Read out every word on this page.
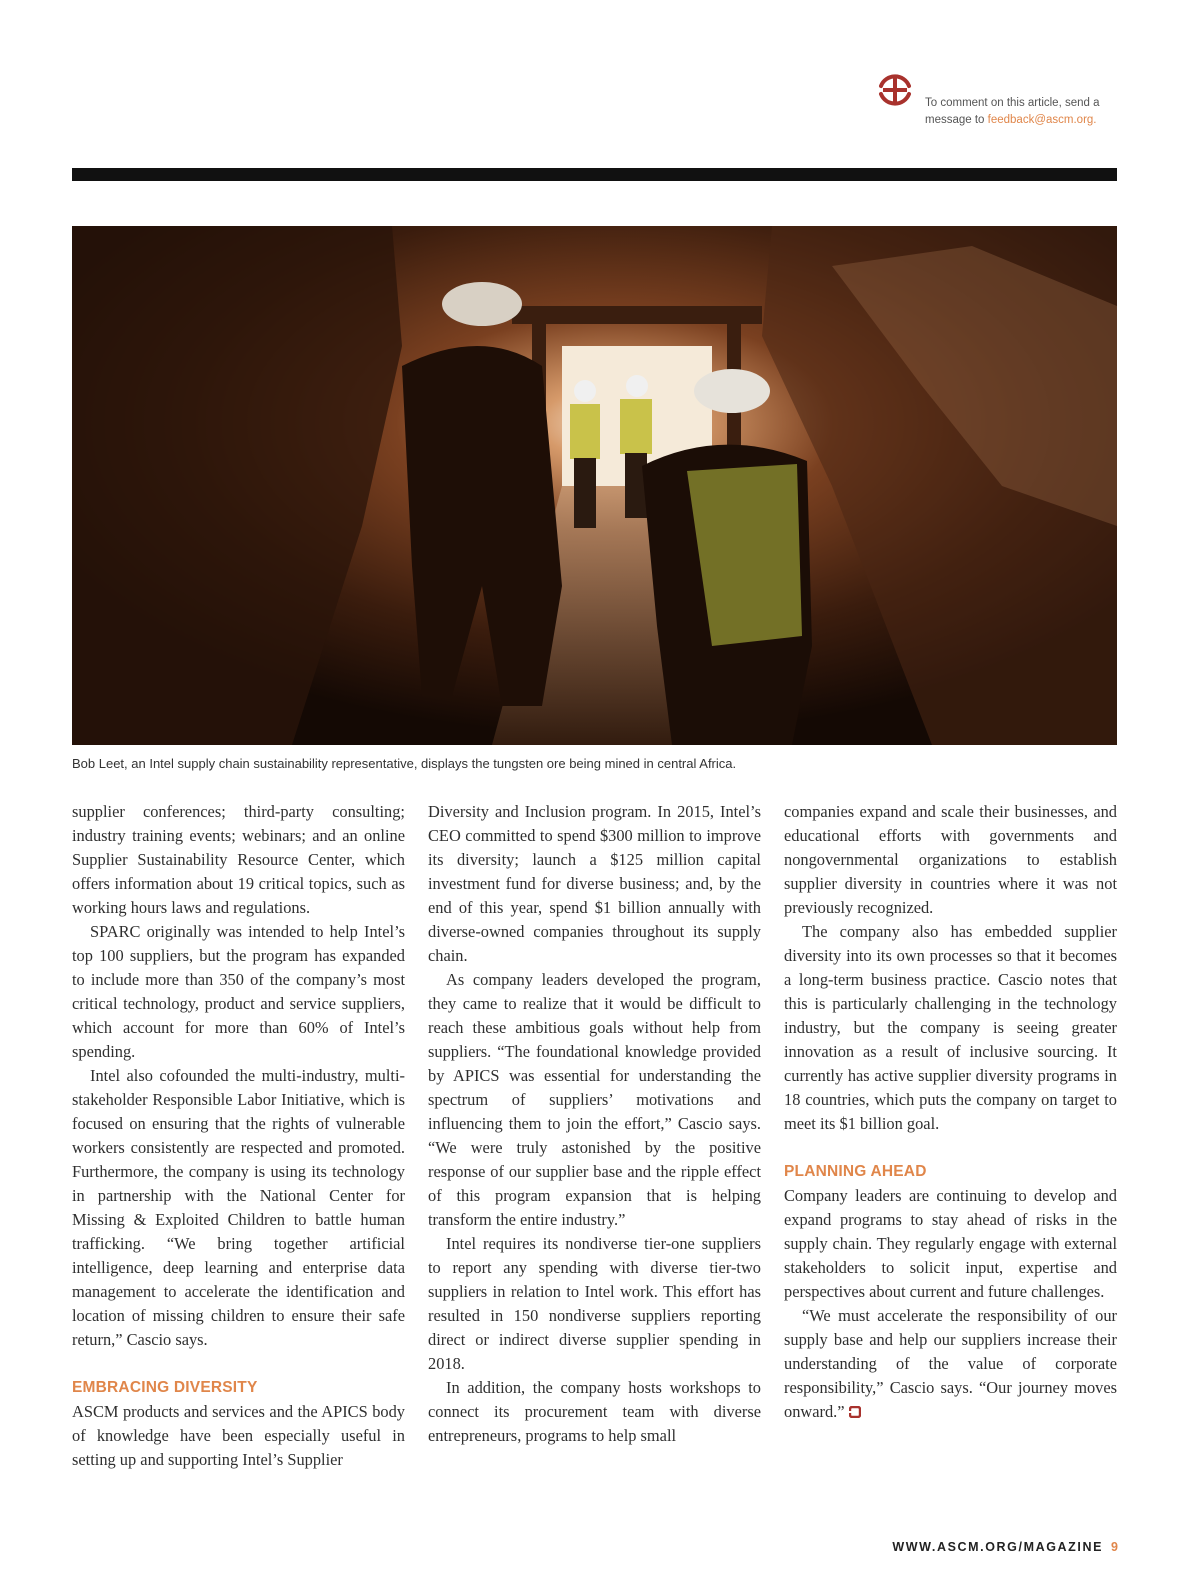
To comment on this article, send a
message to feedback@ascm.org.
Bob Leet, an Intel supply chain sustainability representative, displays the tungsten ore being mined in central Africa.

supplier conferences; third-party consulting; industry training events; webinars; and an online Supplier Sustainability Resource Center, which offers information about 19 critical topics, such as working hours laws and regulations.

SPARC originally was intended to help Intel’s top 100 suppliers, but the program has expanded to include more than 350 of the company’s most critical technology, product and service suppliers, which account for more than 60% of Intel’s spending.

Intel also cofounded the multi-industry, multi-stakeholder Responsible Labor Initiative, which is focused on ensuring that the rights of vulnerable workers consistently are respected and promoted. Furthermore, the company is using its technology in partnership with the National Center for Missing & Exploited Children to battle human trafficking. “We bring together artificial intelligence, deep learning and enterprise data management to accelerate the identification and location of missing children to ensure their safe return,” Cascio says.

EMBRACING DIVERSITY

ASCM products and services and the APICS body of knowledge have been especially useful in setting up and supporting Intel’s Supplier

Diversity and Inclusion program. In 2015, Intel’s CEO committed to spend $300 million to improve its diversity; launch a $125 million capital investment fund for diverse business; and, by the end of this year, spend $1 billion annually with diverse-owned companies throughout its supply chain.

As company leaders developed the program, they came to realize that it would be difficult to reach these ambitious goals without help from suppliers. “The foundational knowledge provided by APICS was essential for understanding the spectrum of suppliers’ motivations and influencing them to join the effort,” Cascio says. “We were truly astonished by the positive response of our supplier base and the ripple effect of this program expansion that is helping transform the entire industry.”

Intel requires its nondiverse tier-one suppliers to report any spending with diverse tier-two suppliers in relation to Intel work. This effort has resulted in 150 nondiverse suppliers reporting direct or indirect diverse supplier spending in 2018.

In addition, the company hosts workshops to connect its procurement team with diverse entrepreneurs, programs to help small

companies expand and scale their businesses, and educational efforts with governments and nongovernmental organizations to establish supplier diversity in countries where it was not previously recognized.

The company also has embedded supplier diversity into its own processes so that it becomes a long-term business practice. Cascio notes that this is particularly challenging in the technology industry, but the company is seeing greater innovation as a result of inclusive sourcing. It currently has active supplier diversity programs in 18 countries, which puts the company on target to meet its $1 billion goal.

PLANNING AHEAD

Company leaders are continuing to develop and expand programs to stay ahead of risks in the supply chain. They regularly engage with external stakeholders to solicit input, expertise and perspectives about current and future challenges.

“We must accelerate the responsibility of our supply base and help our suppliers increase their understanding of the value of corporate responsibility,” Cascio says. “Our journey moves onward.”

WWW.ASCM.ORG/MAGAZINE 9
